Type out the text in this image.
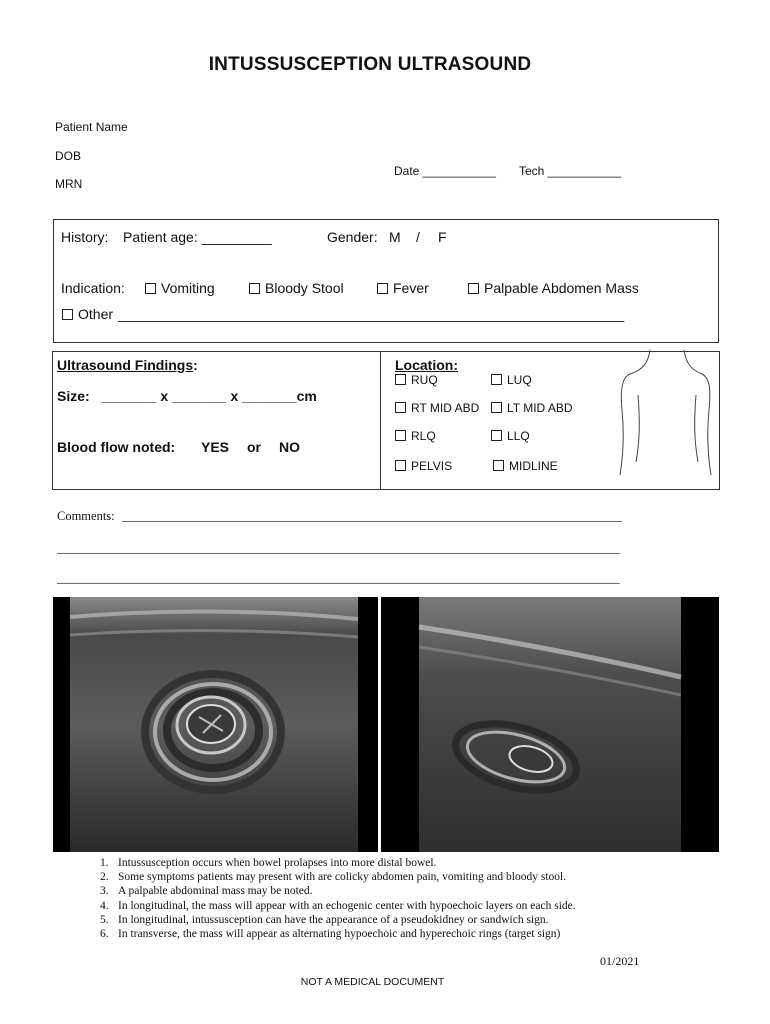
INTUSSUSCEPTION ULTRASOUND
Patient Name
DOB
MRN
Date ___________ Tech ___________
History: Patient age: _________	Gender: M / F
Indication:	Vomiting	Bloody Stool	Fever	Palpable Abdomen Mass
Other _________________________________________________________________
Ultrasound Findings:
Size: _______ x _______ x _______cm
Blood flow noted: YES or NO
Location:
RUQ	LUQ
RT MID ABD	LT MID ABD
RLQ	LLQ
PELVIS	MIDLINE
Comments: ________________________________________________________________________________
__________________________________________________________________________________________
__________________________________________________________________________________________
1. Intussusception occurs when bowel prolapses into more distal bowel.
2. Some symptoms patients may present with are colicky abdomen pain, vomiting and bloody stool.
3. A palpable abdominal mass may be noted.
4. In longitudinal, the mass will appear with an echogenic center with hypoechoic layers on each side.
5. In longitudinal, intussusception can have the appearance of a pseudokidney or sandwich sign.
6. In transverse, the mass will appear as alternating hypoechoic and hyperechoic rings (target sign)
01/2021
NOT A MEDICAL DOCUMENT
